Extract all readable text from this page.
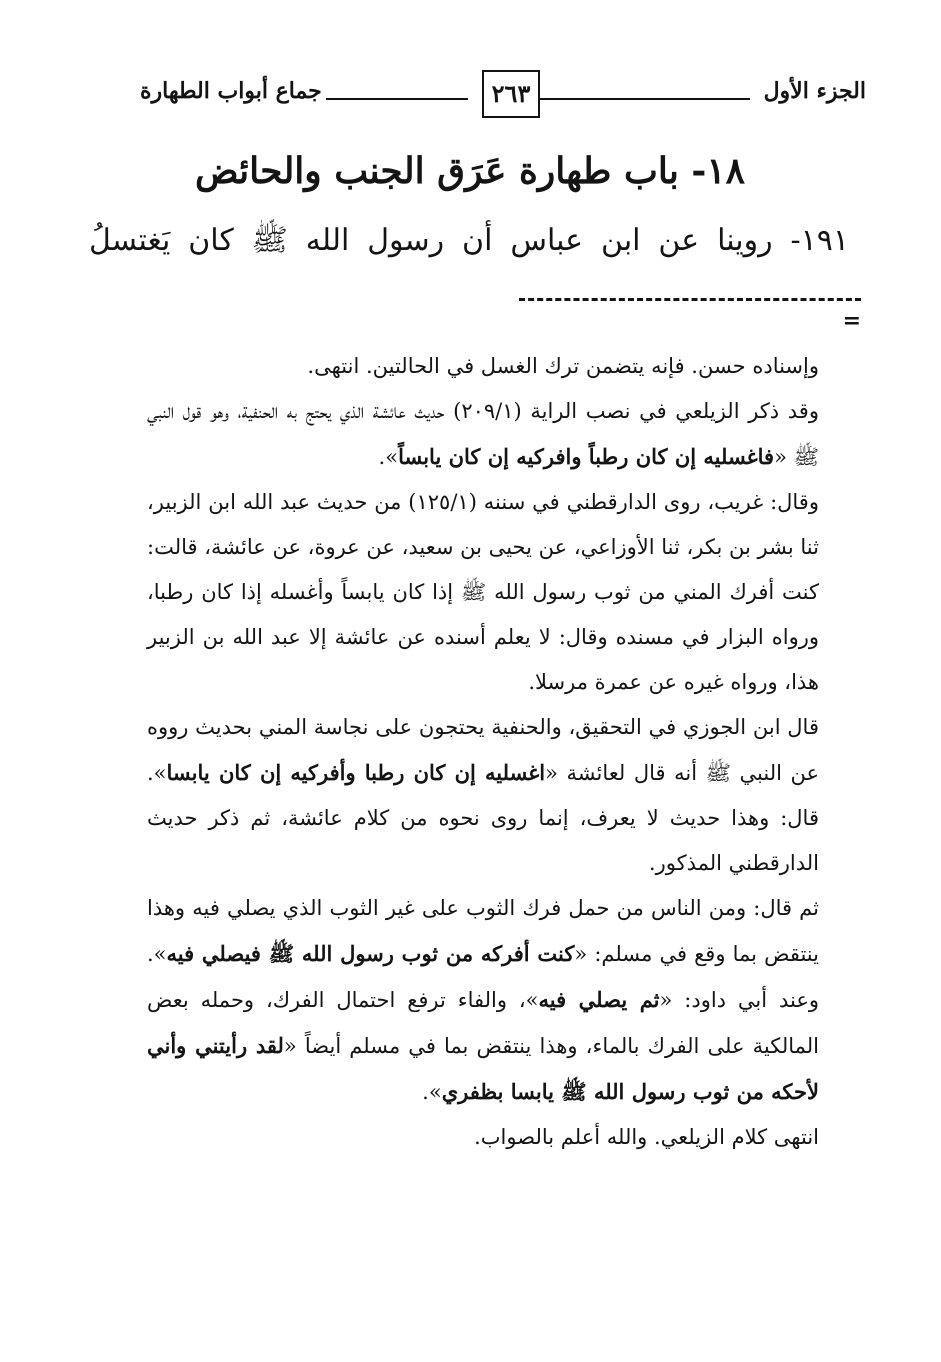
الجزء الأول
٢٦٣
جماع أبواب الطهارة
١٨- باب طهارة عَرَق الجنب والحائض
١٩١- روينا عن ابن عباس أن رسول الله ﷺ كان يَغتسلُ
=

وإسناده حسن. فإنه يتضمن ترك الغسل في الحالتين. انتهى.

وقد ذكر الزيلعي في نصب الراية (٢٠٩/١) حديث عائشة الذي يحتج به الحنفية، وهو قول النبي ﷺ «فاغسليه إن كان رطباً وافركيه إن كان يابساً».

وقال: غريب، روى الدارقطني في سننه (١٢٥/١) من حديث عبد الله ابن الزبير، ثنا بشر بن بكر، ثنا الأوزاعي، عن يحيى بن سعيد، عن عروة، عن عائشة، قالت: كنت أفرك المني من ثوب رسول الله ﷺ إذا كان يابساً وأغسله إذا كان رطبا، ورواه البزار في مسنده وقال: لا يعلم أسنده عن عائشة إلا عبد الله بن الزبير هذا، ورواه غيره عن عمرة مرسلا.

قال ابن الجوزي في التحقيق، والحنفية يحتجون على نجاسة المني بحديث رووه عن النبي ﷺ أنه قال لعائشة «اغسليه إن كان رطبا وأفركيه إن كان يابسا». قال: وهذا حديث لا يعرف، إنما روى نحوه من كلام عائشة، ثم ذكر حديث الدارقطني المذكور.

ثم قال: ومن الناس من حمل فرك الثوب على غير الثوب الذي يصلي فيه وهذا ينتقض بما وقع في مسلم: «كنت أفركه من ثوب رسول الله ﷺ فيصلي فيه». وعند أبي داود: «ثم يصلي فيه»، والفاء ترفع احتمال الفرك، وحمله بعض المالكية على الفرك بالماء، وهذا ينتقض بما في مسلم أيضاً «لقد رأيتني وأني لأحكه من ثوب رسول الله ﷺ يابسا بظفري».

انتهى كلام الزيلعي. والله أعلم بالصواب.
